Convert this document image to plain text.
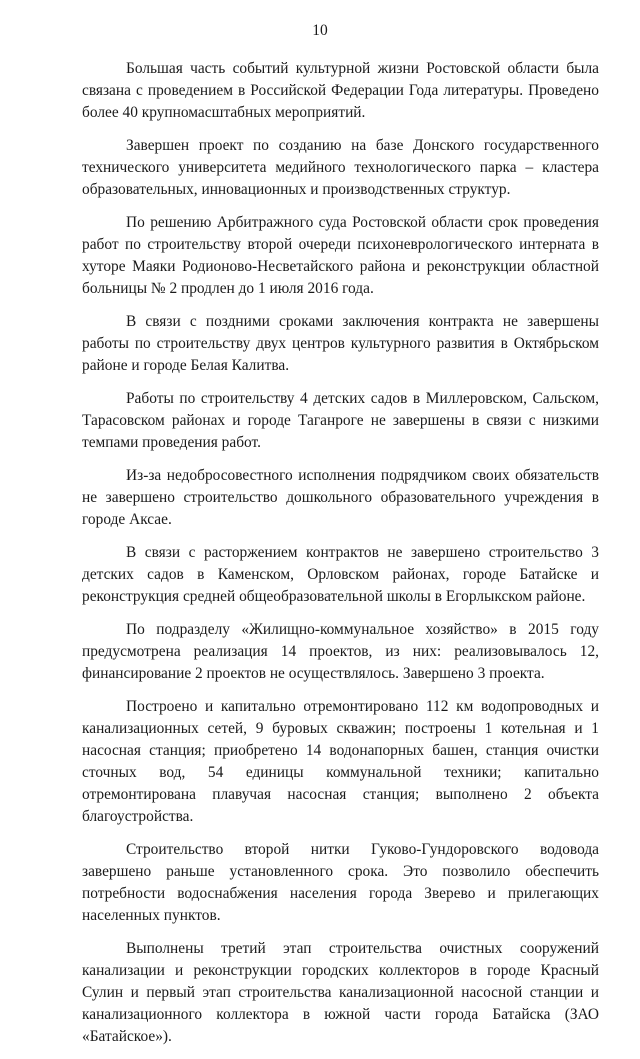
10

Большая часть событий культурной жизни Ростовской области была связана с проведением в Российской Федерации Года литературы. Проведено более 40 крупномасштабных мероприятий.

Завершен проект по созданию на базе Донского государственного технического университета медийного технологического парка – кластера образовательных, инновационных и производственных структур.

По решению Арбитражного суда Ростовской области срок проведения работ по строительству второй очереди психоневрологического интерната в хуторе Маяки Родионово-Несветайского района и реконструкции областной больницы № 2 продлен до 1 июля 2016 года.

В связи с поздними сроками заключения контракта не завершены работы по строительству двух центров культурного развития в Октябрьском районе и городе Белая Калитва.

Работы по строительству 4 детских садов в Миллеровском, Сальском, Тарасовском районах и городе Таганроге не завершены в связи с низкими темпами проведения работ.

Из-за недобросовестного исполнения подрядчиком своих обязательств не завершено строительство дошкольного образовательного учреждения в городе Аксае.

В связи с расторжением контрактов не завершено строительство 3 детских садов в Каменском, Орловском районах, городе Батайске и реконструкция средней общеобразовательной школы в Егорлыкском районе.

По подразделу «Жилищно-коммунальное хозяйство» в 2015 году предусмотрена реализация 14 проектов, из них: реализовывалось 12, финансирование 2 проектов не осуществлялось. Завершено 3 проекта.

Построено и капитально отремонтировано 112 км водопроводных и канализационных сетей, 9 буровых скважин; построены 1 котельная и 1 насосная станция; приобретено 14 водонапорных башен, станция очистки сточных вод, 54 единицы коммунальной техники; капитально отремонтирована плавучая насосная станция; выполнено 2 объекта благоустройства.

Строительство второй нитки Гуково-Гундоровского водовода завершено раньше установленного срока. Это позволило обеспечить потребности водоснабжения населения города Зверево и прилегающих населенных пунктов.

Выполнены третий этап строительства очистных сооружений канализации и реконструкции городских коллекторов в городе Красный Сулин и первый этап строительства канализационной насосной станции и канализационного коллектора в южной части города Батайска (ЗАО «Батайское»).
